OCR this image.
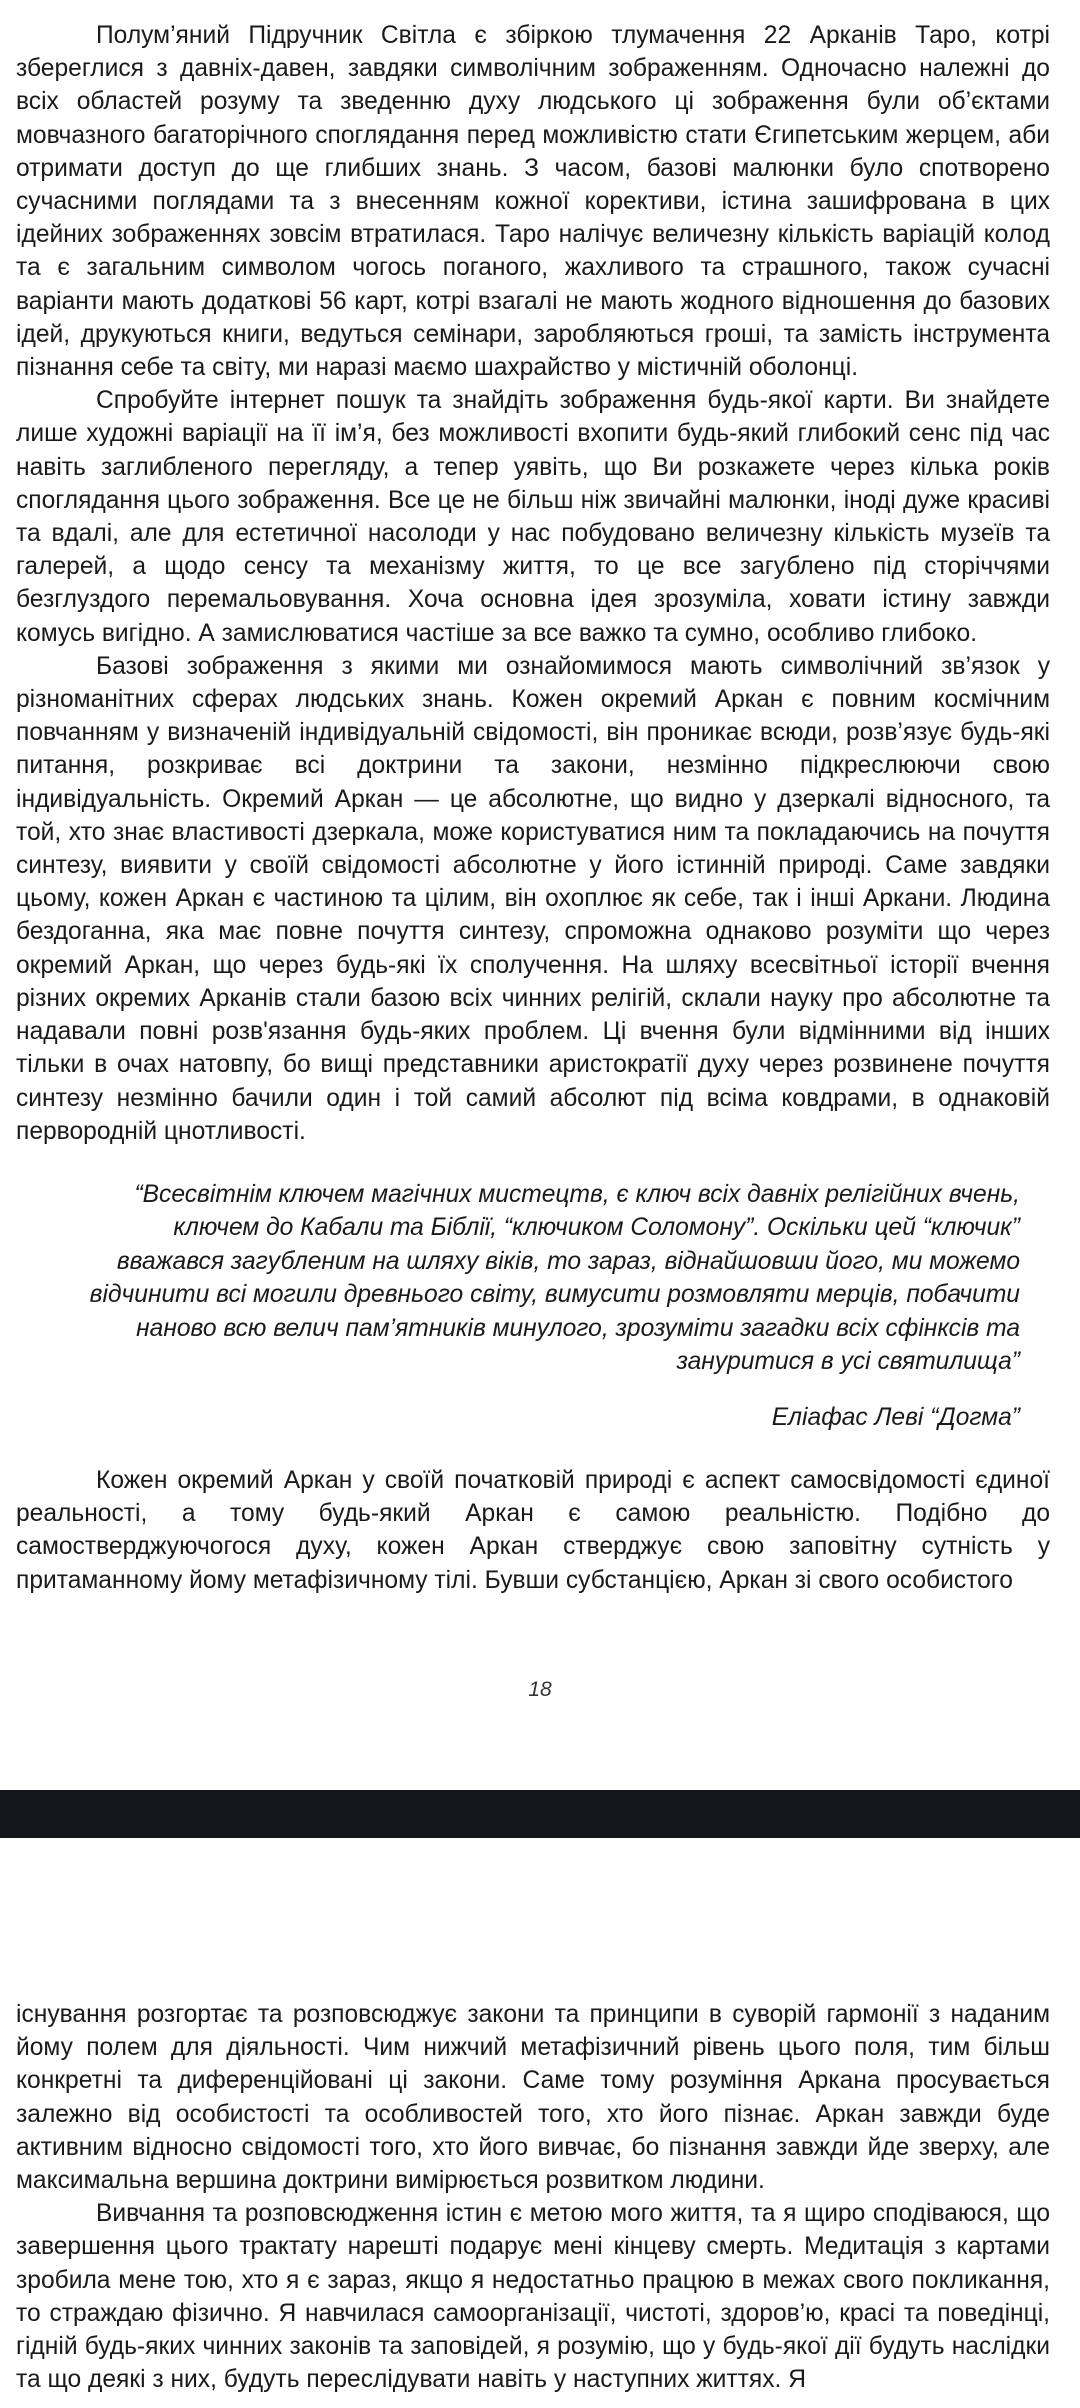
Полум’яний Підручник Світла є збіркою тлумачення 22 Арканів Таро, котрі збереглися з давніх-давен, завдяки символічним зображенням. Одночасно належні до всіх областей розуму та зведенню духу людського ці зображення були об’єктами мовчазного багаторічного споглядання перед можливістю стати Єгипетським жерцем, аби отримати доступ до ще глибших знань. З часом, базові малюнки було спотворено сучасними поглядами та з внесенням кожної корективи, істина зашифрована в цих ідейних зображеннях зовсім втратилася. Таро налічує величезну кількість варіацій колод та є загальним символом чогось поганого, жахливого та страшного, також сучасні варіанти мають додаткові 56 карт, котрі взагалі не мають жодного відношення до базових ідей, друкуються книги, ведуться семінари, заробляються гроші, та замість інструмента пізнання себе та світу, ми наразі маємо шахрайство у містичній оболонці.

Спробуйте інтернет пошук та знайдіть зображення будь-якої карти. Ви знайдете лише художні варіації на її ім’я, без можливості вхопити будь-який глибокий сенс під час навіть заглибленого перегляду, а тепер уявіть, що Ви розкажете через кілька років споглядання цього зображення. Все це не більш ніж звичайні малюнки, іноді дуже красиві та вдалі, але для естетичної насолоди у нас побудовано величезну кількість музеїв та галерей, а щодо сенсу та механізму життя, то це все загублено під сторіччями безглуздого перемальовування. Хоча основна ідея зрозуміла, ховати істину завжди комусь вигідно. А замислюватися частіше за все важко та сумно, особливо глибоко.

Базові зображення з якими ми ознайомимося мають символічний зв’язок у різноманітних сферах людських знань. Кожен окремий Аркан є повним космічним повчанням у визначеній індивідуальній свідомості, він проникає всюди, розв’язує будь-які питання, розкриває всі доктрини та закони, незмінно підкреслюючи свою індивідуальність. Окремий Аркан — це абсолютне, що видно у дзеркалі відносного, та той, хто знає властивості дзеркала, може користуватися ним та покладаючись на почуття синтезу, виявити у своїй свідомості абсолютне у його істинній природі. Саме завдяки цьому, кожен Аркан є частиною та цілим, він охоплює як себе, так і інші Аркани. Людина бездоганна, яка має повне почуття синтезу, спроможна однаково розуміти що через окремий Аркан, що через будь-які їх сполучення. На шляху всесвітньої історії вчення різних окремих Арканів стали базою всіх чинних релігій, склали науку про абсолютне та надавали повні розв'язання будь-яких проблем. Ці вчення були відмінними від інших тільки в очах натовпу, бо вищі представники аристократії духу через розвинене почуття синтезу незмінно бачили один і той самий абсолют під всіма ковдрами, в однаковій первородній цнотливості.

“Всесвітнім ключем магічних мистецтв, є ключ всіх давніх релігійних вчень, ключем до Кабали та Біблії, “ключиком Соломону”. Оскільки цей “ключик” вважався загубленим на шляху віків, то зараз, віднайшовши його, ми можемо відчинити всі могили древнього світу, вимусити розмовляти мерців, побачити наново всю велич пам’ятників минулого, зрозуміти загадки всіх сфінксів та зануритися в усі святилища”

Еліафас Леві “Догма”

Кожен окремий Аркан у своїй початковій природі є аспект самосвідомості єдиної реальності, а тому будь-який Аркан є самою реальністю. Подібно до самостверджуючогося духу, кожен Аркан стверджує свою заповітну сутність у притаманному йому метафізичному тілі. Бувши субстанцією, Аркан зі свого особистого

18

існування розгортає та розповсюджує закони та принципи в суворій гармонії з наданим йому полем для діяльності. Чим нижчий метафізичний рівень цього поля, тим більш конкретні та диференційовані ці закони. Саме тому розуміння Аркана просувається залежно від особистості та особливостей того, хто його пізнає. Аркан завжди буде активним відносно свідомості того, хто його вивчає, бо пізнання завжди йде зверху, але максимальна вершина доктрини вимірюється розвитком людини.

Вивчання та розповсюдження істин є метою мого життя, та я щиро сподіваюся, що завершення цього трактату нарешті подарує мені кінцеву смерть. Медитація з картами зробила мене тою, хто я є зараз, якщо я недостатньо працюю в межах свого покликання, то страждаю фізично. Я навчилася самоорганізації, чистоті, здоров’ю, красі та поведінці, гідній будь-яких чинних законів та заповідей, я розумію, що у будь-якої дії будуть наслідки та що деякі з них, будуть переслідувати навіть у наступних життях. Я
